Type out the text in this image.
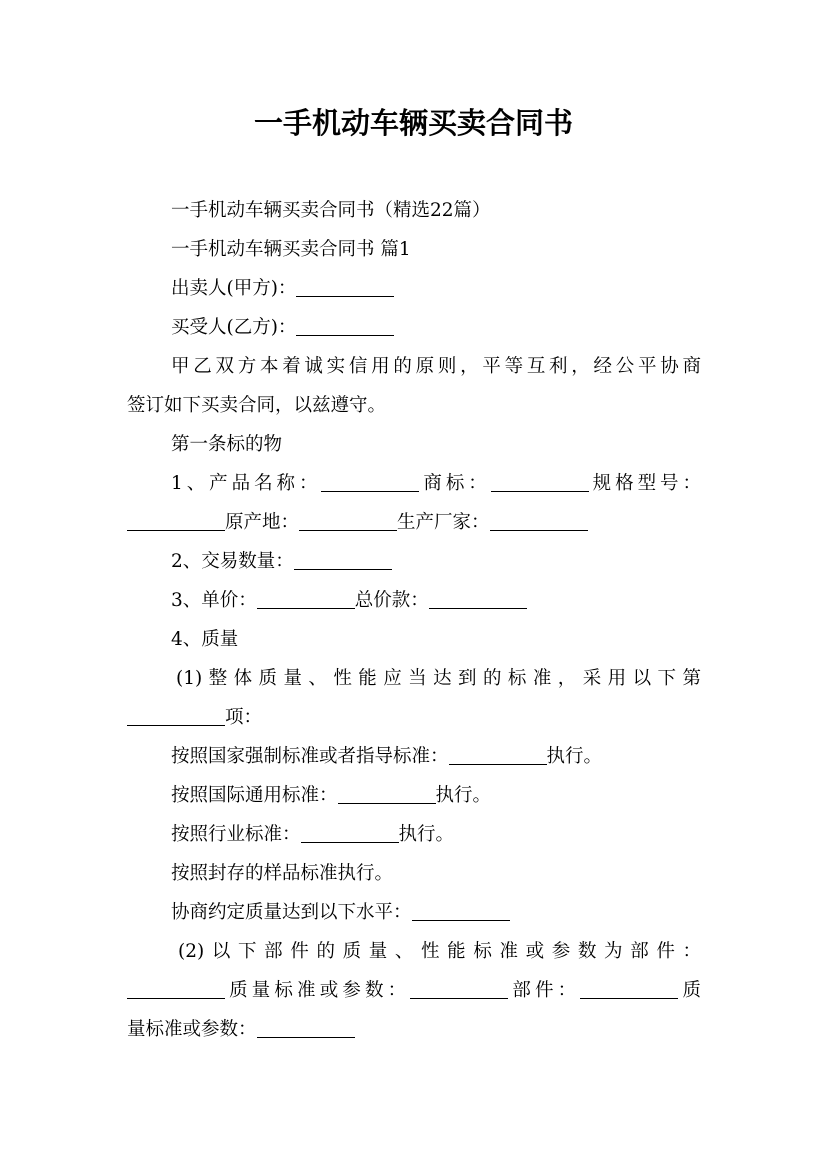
一手机动车辆买卖合同书
一手机动车辆买卖合同书（精选22篇）
一手机动车辆买卖合同书 篇1
出卖人(甲方)：
买受人(乙方)：
甲乙双方本着诚实信用的原则，平等互利，经公平协商
签订如下买卖合同，以兹遵守。
第一条标的物
1、产品名称：	商标：	规格型号：
原产地：	生产厂家：
2、交易数量：
3、单价：	总价款：
4、质量
(1)整体质量、性能应当达到的标准，采用以下第
项：
按照国家强制标准或者指导标准：	执行。
按照国际通用标准：	执行。
按照行业标准：	执行。
按照封存的样品标准执行。
协商约定质量达到以下水平：
(2)以下部件的质量、性能标准或参数为部件：
质量标准或参数：	部件：	质
量标准或参数：
